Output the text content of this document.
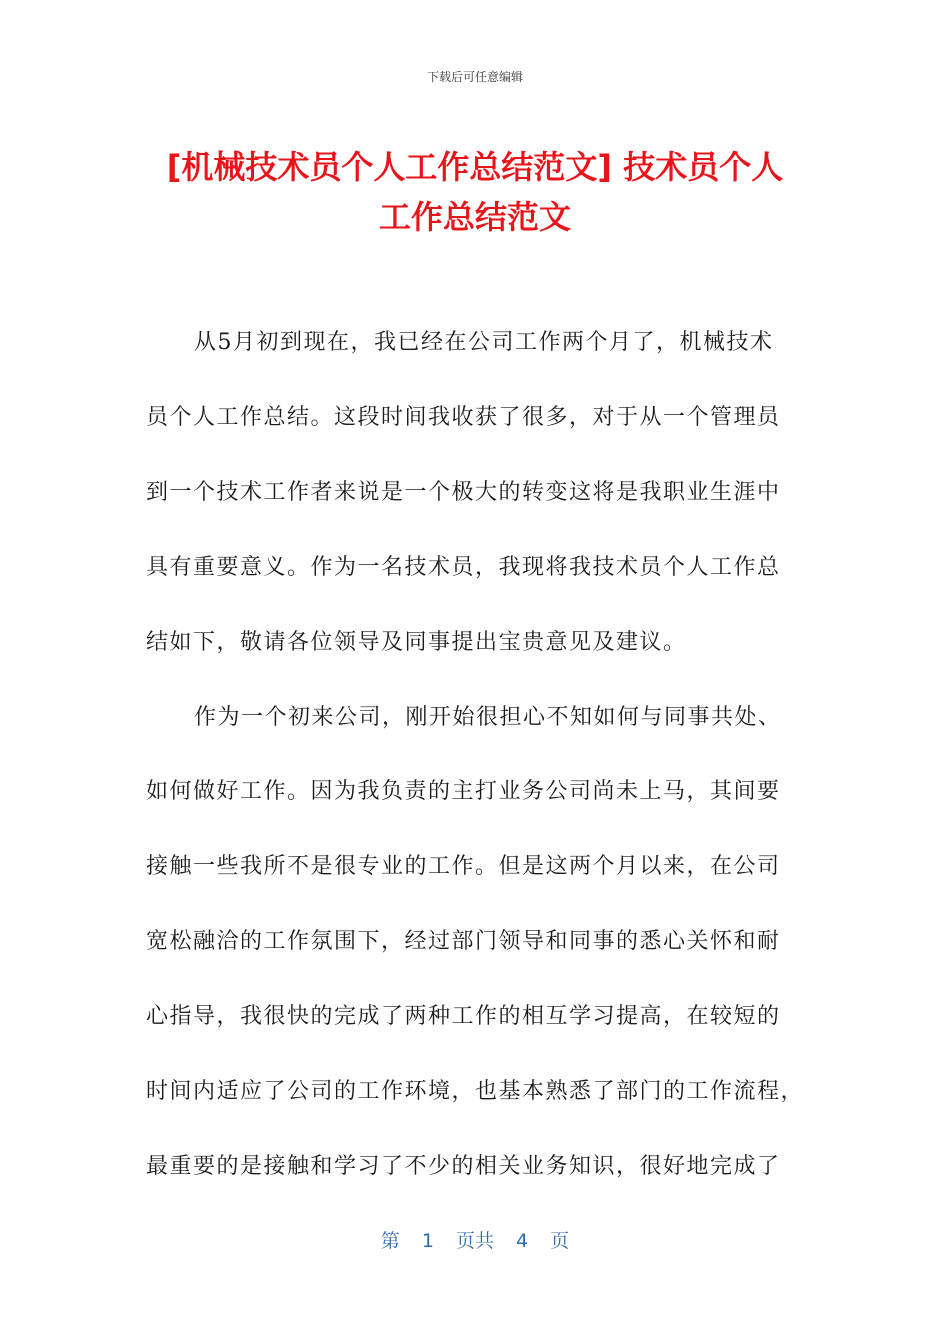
下载后可任意编辑
[机械技术员个人工作总结范文] 技术员个人
工作总结范文
从5月初到现在，我已经在公司工作两个月了，机械技术
员个人工作总结。这段时间我收获了很多，对于从一个管理员
到一个技术工作者来说是一个极大的转变这将是我职业生涯中
具有重要意义。作为一名技术员，我现将我技术员个人工作总
结如下，敬请各位领导及同事提出宝贵意见及建议。
作为一个初来公司，刚开始很担心不知如何与同事共处、
如何做好工作。因为我负责的主打业务公司尚未上马，其间要
接触一些我所不是很专业的工作。但是这两个月以来，在公司
宽松融洽的工作氛围下，经过部门领导和同事的悉心关怀和耐
心指导，我很快的完成了两种工作的相互学习提高，在较短的
时间内适应了公司的工作环境，也基本熟悉了部门的工作流程，
最重要的是接触和学习了不少的相关业务知识，很好地完成了
第 1 页共 4 页
